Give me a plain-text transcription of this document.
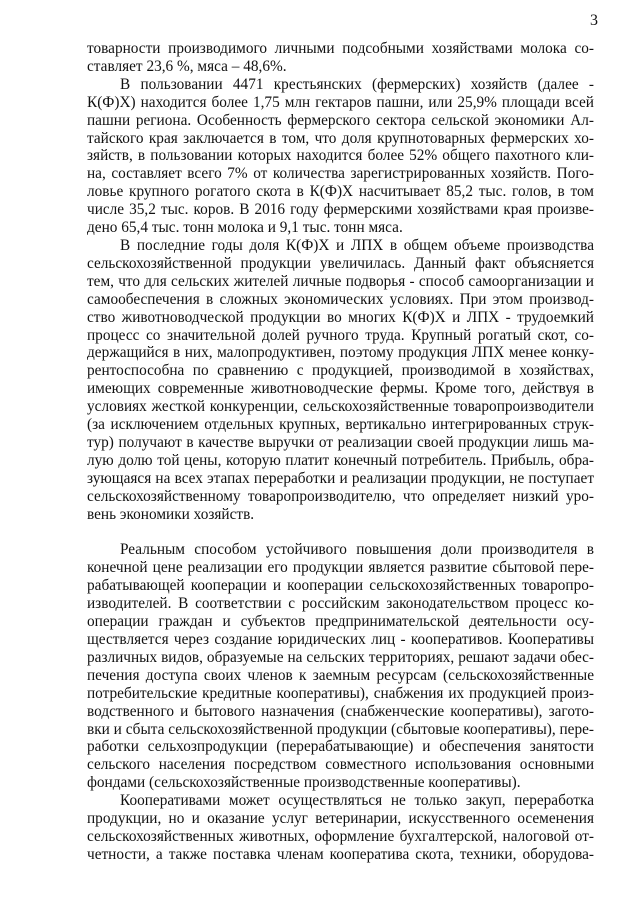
3
товарности производимого личными подсобными хозяйствами молока со-
ставляет 23,6 %, мяса – 48,6%.
В пользовании 4471 крестьянских (фермерских) хозяйств (далее -
К(Ф)Х) находится более 1,75 млн гектаров пашни, или 25,9% площади всей
пашни региона. Особенность фермерского сектора сельской экономики Ал-
тайского края заключается в том, что доля крупнотоварных фермерских хо-
зяйств, в пользовании которых находится более 52% общего пахотного кли-
на, составляет всего 7% от количества зарегистрированных хозяйств. Пого-
ловье крупного рогатого скота в К(Ф)Х насчитывает 85,2 тыс. голов, в том
числе 35,2 тыс. коров. В 2016 году фермерскими хозяйствами края произве-
дено 65,4 тыс. тонн молока и 9,1 тыс. тонн мяса.
В последние годы доля К(Ф)Х и ЛПХ в общем объеме производства
сельскохозяйственной продукции увеличилась. Данный факт объясняется
тем, что для сельских жителей личные подворья - способ самоорганизации и
самообеспечения в сложных экономических условиях. При этом производ-
ство животноводческой продукции во многих К(Ф)Х и ЛПХ - трудоемкий
процесс со значительной долей ручного труда. Крупный рогатый скот, со-
держащийся в них, малопродуктивен, поэтому продукция ЛПХ менее конку-
рентоспособна по сравнению с продукцией, производимой в хозяйствах,
имеющих современные животноводческие фермы. Кроме того, действуя в
условиях жесткой конкуренции, сельскохозяйственные товаропроизводители
(за исключением отдельных крупных, вертикально интегрированных струк-
тур) получают в качестве выручки от реализации своей продукции лишь ма-
лую долю той цены, которую платит конечный потребитель. Прибыль, обра-
зующаяся на всех этапах переработки и реализации продукции, не поступает
сельскохозяйственному товаропроизводителю, что определяет низкий уро-
вень экономики хозяйств.
Реальным способом устойчивого повышения доли производителя в
конечной цене реализации его продукции является развитие сбытовой пере-
рабатывающей кооперации и кооперации сельскохозяйственных товаропро-
изводителей. В соответствии с российским законодательством процесс ко-
операции граждан и субъектов предпринимательской деятельности осу-
ществляется через создание юридических лиц - кооперативов. Кооперативы
различных видов, образуемые на сельских территориях, решают задачи обес-
печения доступа своих членов к заемным ресурсам (сельскохозяйственные
потребительские кредитные кооперативы), снабжения их продукцией произ-
водственного и бытового назначения (снабженческие кооперативы), загото-
вки и сбыта сельскохозяйственной продукции (сбытовые кооперативы), пере-
работки сельхозпродукции (перерабатывающие) и обеспечения занятости
сельского населения посредством совместного использования основными
фондами (сельскохозяйственные производственные кооперативы).
Кооперативами может осуществляться не только закуп, переработка
продукции, но и оказание услуг ветеринарии, искусственного осеменения
сельскохозяйственных животных, оформление бухгалтерской, налоговой от-
четности, а также поставка членам кооператива скота, техники, оборудова-
